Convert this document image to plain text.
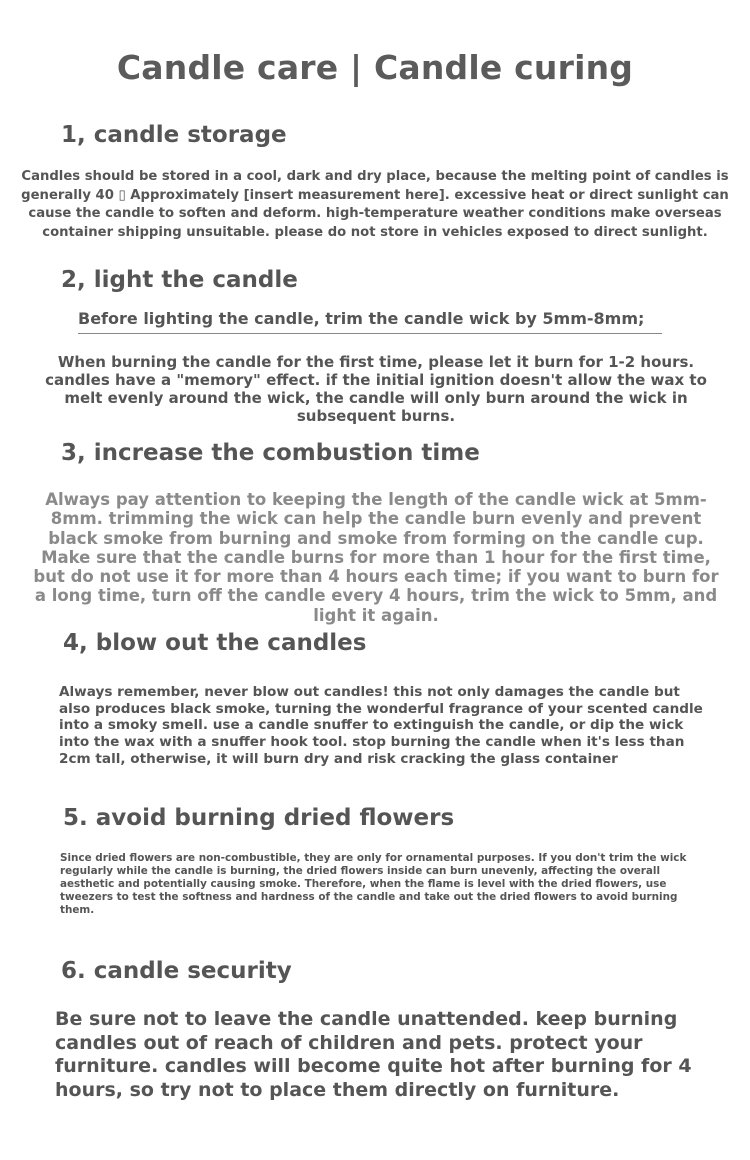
Candle care | Candle curing
1, candle storage
Candles should be stored in a cool, dark and dry place, because the melting point of candles is generally 40 ▯ Approximately [insert measurement here]. excessive heat or direct sunlight can cause the candle to soften and deform. high-temperature weather conditions make overseas container shipping unsuitable. please do not store in vehicles exposed to direct sunlight.
2, light the candle
Before lighting the candle, trim the candle wick by 5mm-8mm;
When burning the candle for the first time, please let it burn for 1-2 hours. candles have a "memory" effect. if the initial ignition doesn't allow the wax to melt evenly around the wick, the candle will only burn around the wick in subsequent burns.
3, increase the combustion time
Always pay attention to keeping the length of the candle wick at 5mm-8mm. trimming the wick can help the candle burn evenly and prevent black smoke from burning and smoke from forming on the candle cup. Make sure that the candle burns for more than 1 hour for the first time, but do not use it for more than 4 hours each time; if you want to burn for a long time, turn off the candle every 4 hours, trim the wick to 5mm, and light it again.
4, blow out the candles
Always remember, never blow out candles! this not only damages the candle but also produces black smoke, turning the wonderful fragrance of your scented candle into a smoky smell. use a candle snuffer to extinguish the candle, or dip the wick into the wax with a snuffer hook tool. stop burning the candle when it's less than 2cm tall, otherwise, it will burn dry and risk cracking the glass container
5. avoid burning dried flowers
Since dried flowers are non-combustible, they are only for ornamental purposes. If you don't trim the wick regularly while the candle is burning, the dried flowers inside can burn unevenly, affecting the overall aesthetic and potentially causing smoke. Therefore, when the flame is level with the dried flowers, use tweezers to test the softness and hardness of the candle and take out the dried flowers to avoid burning them.
6. candle security
Be sure not to leave the candle unattended. keep burning candles out of reach of children and pets. protect your furniture. candles will become quite hot after burning for 4 hours, so try not to place them directly on furniture.
